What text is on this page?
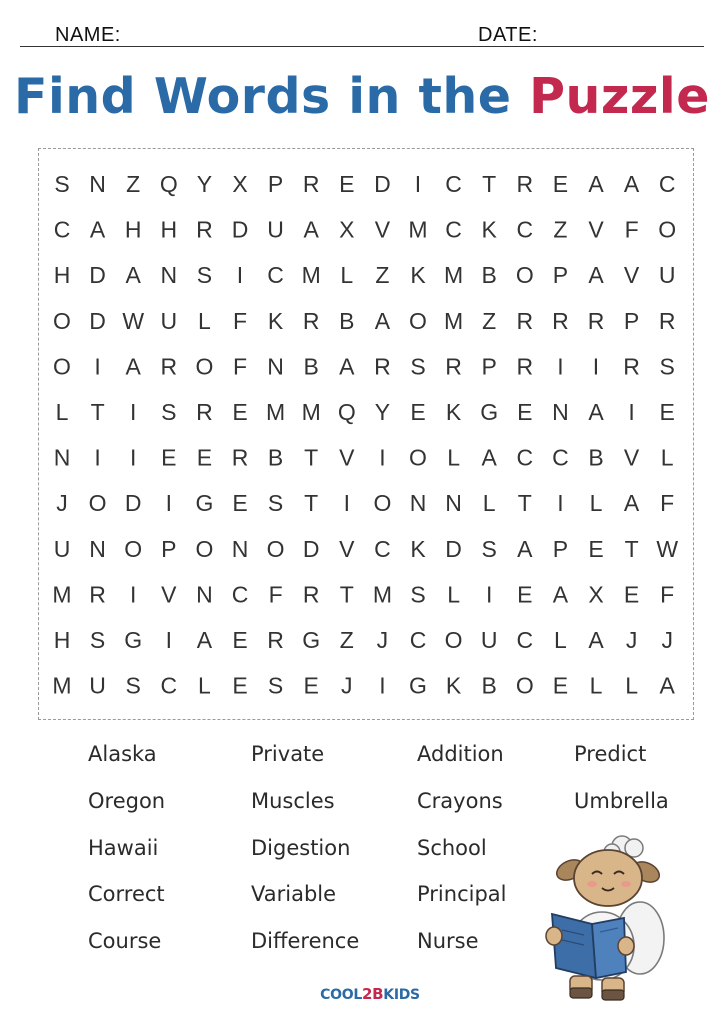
NAME:	DATE:
Find Words in the Puzzle
S N Z Q Y X P R E D I C T R E A A C
C A H H R D U A X V M C K C Z V F O
H D A N S I C M L Z K M B O P A V U
O D W U L F K R B A O M Z R R R P R
O I A R O F N B A R S R P R I I R S
L T I S R E M M Q Y E K G E N A I E
N I I E E R B T V I O L A C C B V L
J O D I G E S T I O N N L T I L A F
U N O P O N O D V C K D S A P E T W
M R I V N C F R T M S L I E A X E F
H S G I A E R G Z J C O U C L A J J
M U S C L E S E J I G K B O E L L A
Alaska
Oregon
Hawaii
Correct
Course
Private
Muscles
Digestion
Variable
Difference
Addition
Crayons
School
Principal
Nurse
Predict
Umbrella
COOL2BKIDS
